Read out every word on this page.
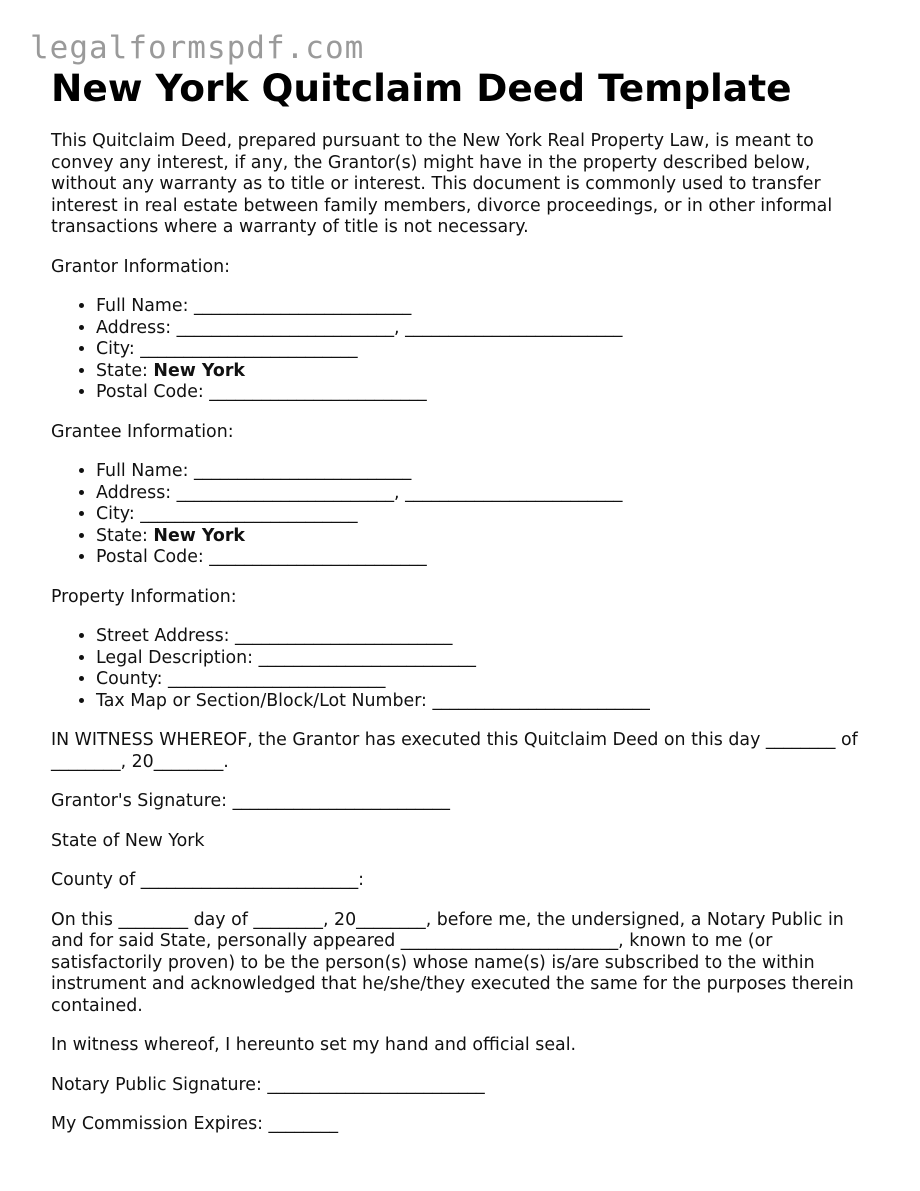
legalformspdf.com
New York Quitclaim Deed Template

This Quitclaim Deed, prepared pursuant to the New York Real Property Law, is meant to convey any interest, if any, the Grantor(s) might have in the property described below, without any warranty as to title or interest. This document is commonly used to transfer interest in real estate between family members, divorce proceedings, or in other informal transactions where a warranty of title is not necessary.

Grantor Information:

• Full Name: _________________________
• Address: _________________________, _________________________
• City: _________________________
• State: New York
• Postal Code: _________________________

Grantee Information:

• Full Name: _________________________
• Address: _________________________, _________________________
• City: _________________________
• State: New York
• Postal Code: _________________________

Property Information:

• Street Address: _________________________
• Legal Description: _________________________
• County: _________________________
• Tax Map or Section/Block/Lot Number: _________________________

IN WITNESS WHEREOF, the Grantor has executed this Quitclaim Deed on this day ________ of ________, 20________.

Grantor's Signature: _________________________

State of New York

County of _________________________:

On this ________ day of ________, 20________, before me, the undersigned, a Notary Public in and for said State, personally appeared _________________________, known to me (or satisfactorily proven) to be the person(s) whose name(s) is/are subscribed to the within instrument and acknowledged that he/she/they executed the same for the purposes therein contained.

In witness whereof, I hereunto set my hand and official seal.

Notary Public Signature: _________________________

My Commission Expires: ________
